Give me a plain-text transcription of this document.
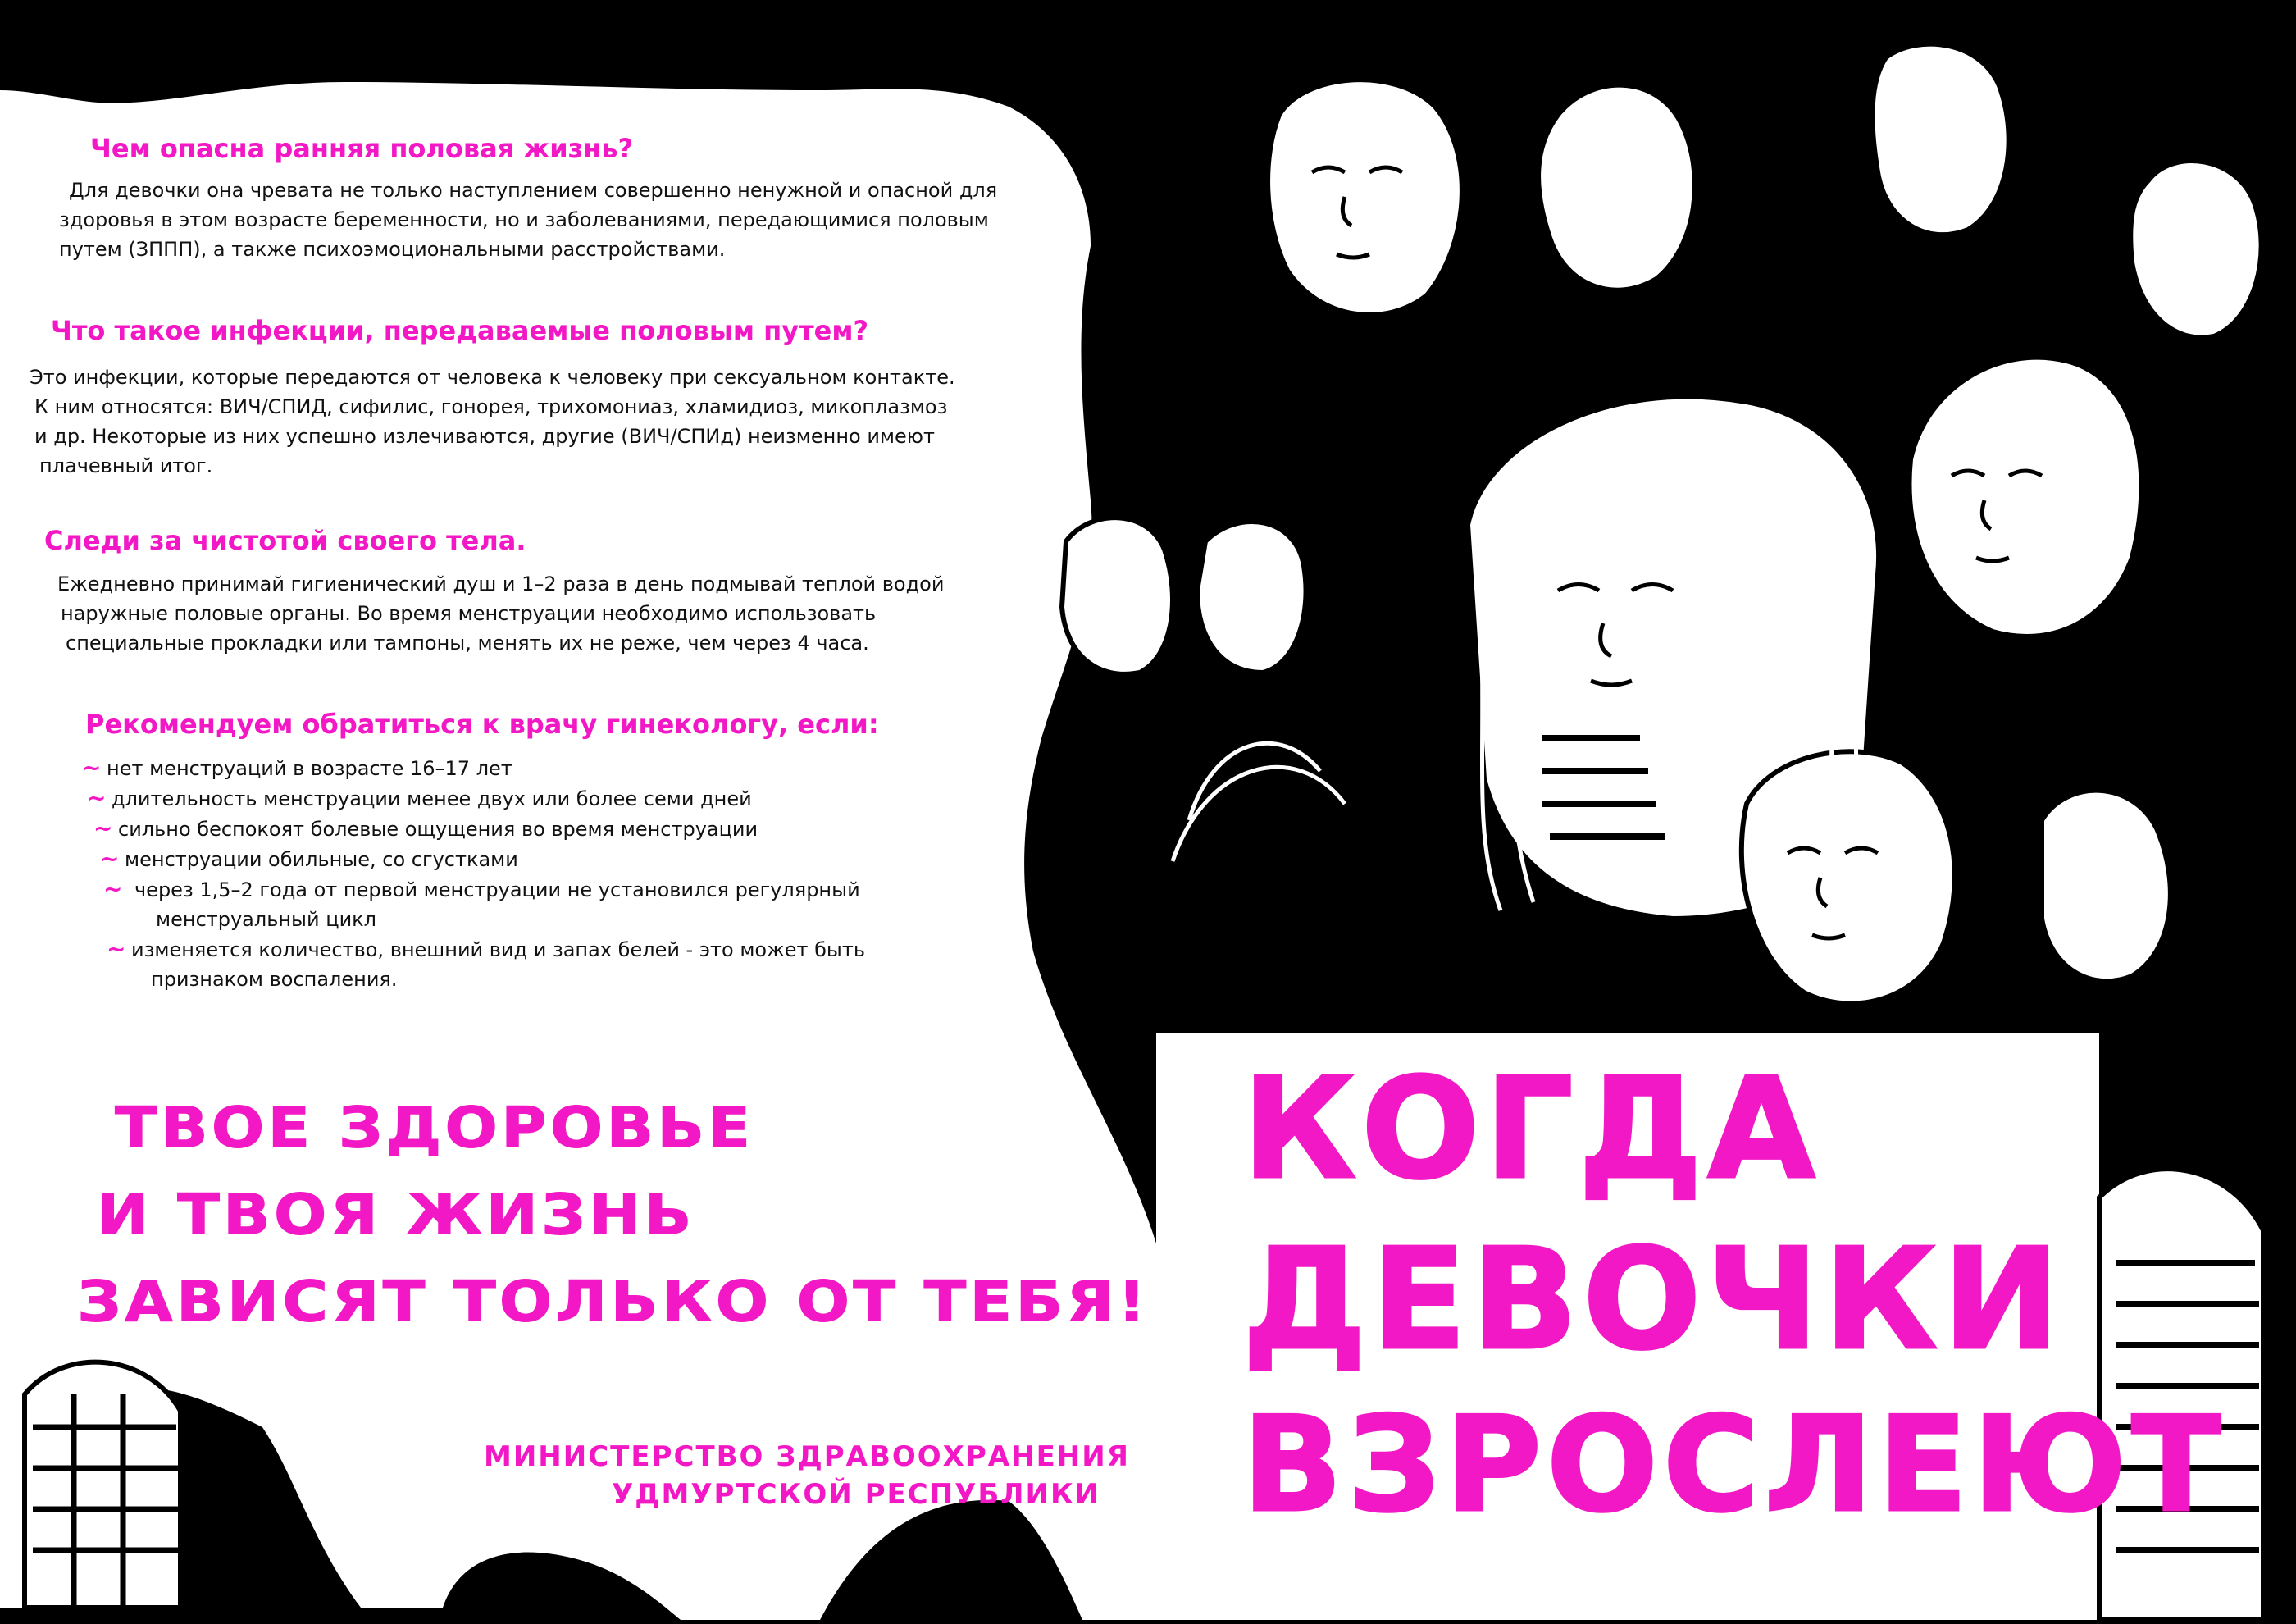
Чем опасна ранняя половая жизнь?
Для девочки она чревата не только наступлением совершенно ненужной и опасной для
здоровья в этом возрасте беременности, но и заболеваниями, передающимися половым
путем (ЗППП), а также психоэмоциональными расстройствами.
Что такое инфекции, передаваемые половым путем?
Это инфекции, которые передаются от человека к человеку при сексуальном контакте.
К ним относятся: ВИЧ/СПИД, сифилис, гонорея, трихомониаз, хламидиоз, микоплазмоз
и др. Некоторые из них успешно излечиваются, другие (ВИЧ/СПИд) неизменно имеют
плачевный итог.
Следи за чистотой своего тела.
Ежедневно принимай гигиенический душ и 1–2 раза в день подмывай теплой водой
наружные половые органы. Во время менструации необходимо использовать
специальные прокладки или тампоны, менять их не реже, чем через 4 часа.
Рекомендуем обратиться к врачу гинекологу, если:
~ нет менструаций в возрасте 16–17 лет
~ длительность менструации менее двух или более семи дней
~ сильно беспокоят болевые ощущения во время менструации
~ менструации обильные, со сгустками
~ через 1,5–2 года от первой менструации не установился регулярный
менструальный цикл
~ изменяется количество, внешний вид и запах белей - это может быть
признаком воспаления.

ТВОЕ ЗДОРОВЬЕ

И ТВОЯ ЖИЗНЬ

ЗАВИСЯТ ТОЛЬКО ОТ ТЕБЯ!

МИНИСТЕРСТВО ЗДРАВООХРАНЕНИЯ

УДМУРТСКОЙ РЕСПУБЛИКИ

КОГДА
ДЕВОЧКИ
ВЗРОСЛЕЮТ
